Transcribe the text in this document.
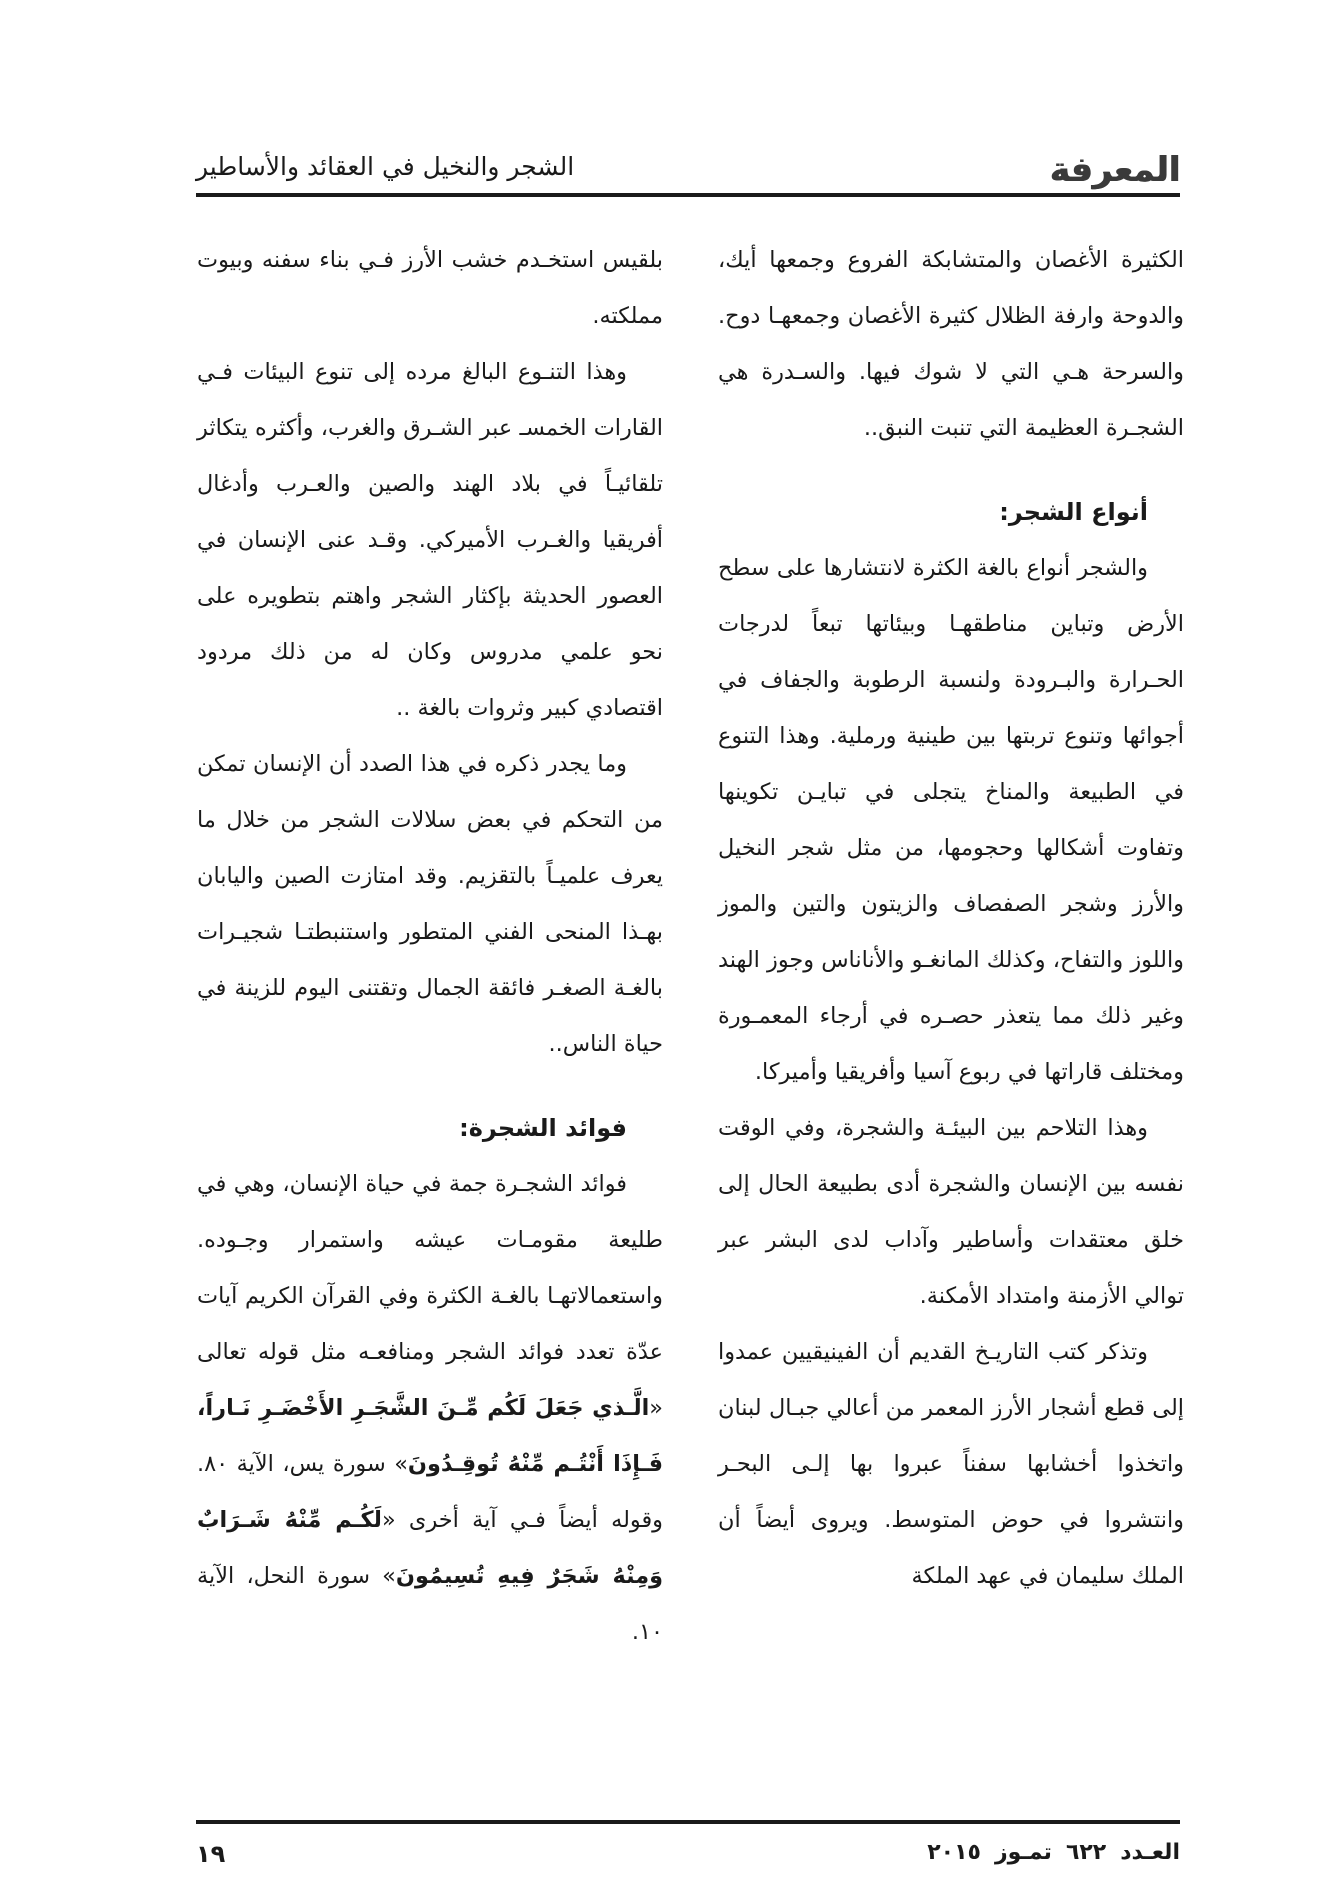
المعرفة
الشجر والنخيل في العقائد والأساطير

الكثيرة الأغصان والمتشابكة الفروع وجمعها أيك، والدوحة وارفة الظلال كثيرة الأغصان وجمعهـا دوح. والسرحة هـي التي لا شوك فيها. والسـدرة هي الشجـرة العظيمة التي تنبت النبق..

أنواع الشجر:

والشجر أنواع بالغة الكثرة لانتشارها على سطح الأرض وتباين مناطقهـا وبيئاتها تبعاً لدرجات الحـرارة والبـرودة ولنسبة الرطوبة والجفاف في أجوائها وتنوع تربتها بين طينية ورملية. وهذا التنوع في الطبيعة والمناخ يتجلى في تبايـن تكوينها وتفاوت أشكالها وحجومها، من مثل شجر النخيل والأرز وشجر الصفصاف والزيتون والتين والموز واللوز والتفاح، وكذلك المانغـو والأناناس وجوز الهند وغير ذلك مما يتعذر حصـره في أرجاء المعمـورة ومختلف قاراتها في ربوع آسيا وأفريقيا وأميركا.

وهذا التلاحم بين البيئـة والشجرة، وفي الوقت نفسه بين الإنسان والشجرة أدى بطبيعة الحال إلى خلق معتقدات وأساطير وآداب لدى البشر عبر توالي الأزمنة وامتداد الأمكنة.

وتذكر كتب التاريـخ القديم أن الفينيقيين عمدوا إلى قطع أشجار الأرز المعمر من أعالي جبـال لبنان واتخذوا أخشابها سفناً عبروا بها إلـى البحـر وانتشروا في حوض المتوسط. ويروى أيضاً أن الملك سليمان في عهد الملكة

بلقيس استخـدم خشب الأرز فـي بناء سفنه وبيوت مملكته.

وهذا التنـوع البالغ مرده إلى تنوع البيئات فـي القارات الخمسـ عبر الشـرق والغرب، وأكثره يتكاثر تلقائيـاً في بلاد الهند والصين والعـرب وأدغال أفريقيا والغـرب الأميركي. وقـد عنى الإنسان في العصور الحديثة بإكثار الشجر واهتم بتطويره على نحو علمي مدروس وكان له من ذلك مردود اقتصادي كبير وثروات بالغة ..

وما يجدر ذكره في هذا الصدد أن الإنسان تمكن من التحكم في بعض سلالات الشجر من خلال ما يعرف علميـاً بالتقزيم. وقد امتازت الصين واليابان بهـذا المنحى الفني المتطور واستنبطتـا شجيـرات بالغـة الصغـر فائقة الجمال وتقتنى اليوم للزينة في حياة الناس..

فوائد الشجرة:

فوائد الشجـرة جمة في حياة الإنسان، وهي في طليعة مقومـات عيشه واستمرار وجـوده. واستعمالاتهـا بالغـة الكثرة وفي القرآن الكريم آيات عدّة تعدد فوائد الشجر ومنافعـه مثل قوله تعالى «الَّـذي جَعَلَ لَكُم مِّـنَ الشَّجَـرِ الأَخْضَـرِ نَـاراً، فَـإِذَا أَنْتُـم مِّنْهُ تُوقِـدُونَ» سورة يس، الآية ٨٠. وقوله أيضاً فـي آية أخرى «لَكُـم مِّنْهُ شَـرَابٌ وَمِنْهُ شَجَرٌ فِيهِ تُسِيمُونَ» سورة النحل، الآية ١٠.

العـدد٦٢٢تمـوز٢٠١٥
١٩
